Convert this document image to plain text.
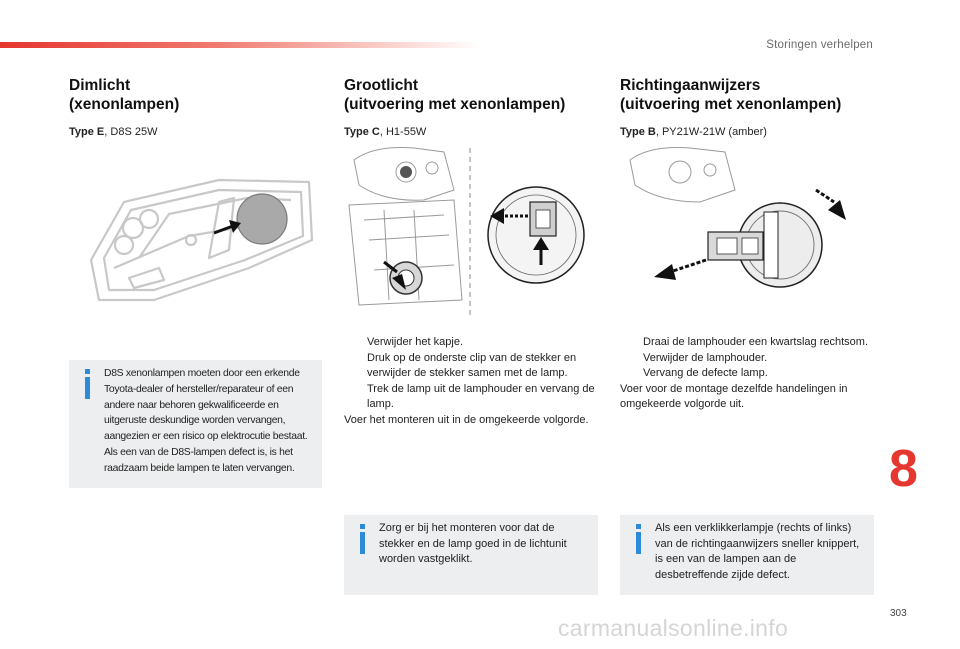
Storingen verhelpen
Dimlicht
(xenonlampen)
Type E, D8S 25W
Grootlicht
(uitvoering met xenonlampen)
Type C, H1-55W
Richtingaanwijzers
(uitvoering met xenonlampen)
Type B, PY21W-21W (amber)
D8S xenonlampen moeten door een erkende
Toyota-dealer of hersteller/reparateur of een
andere naar behoren gekwalificeerde en
uitgeruste deskundige worden vervangen,
aangezien er een risico op elektrocutie bestaat.
Als een van de D8S-lampen defect is, is het
raadzaam beide lampen te laten vervangen.
Verwijder het kapje.
Druk op de onderste clip van de stekker en verwijder de stekker samen met de lamp.
Trek de lamp uit de lamphouder en vervang de lamp.
Voer het monteren uit in de omgekeerde volgorde.
Draai de lamphouder een kwartslag rechtsom.
Verwijder de lamphouder.
Vervang de defecte lamp.
Voer voor de montage dezelfde handelingen in omgekeerde volgorde uit.
Zorg er bij het monteren voor dat de stekker en de lamp goed in de lichtunit worden vastgeklikt.
Als een verklikkerlampje (rechts of links) van de richtingaanwijzers sneller knippert, is een van de lampen aan de desbetreffende zijde defect.
8
303
carmanualsonline.info
